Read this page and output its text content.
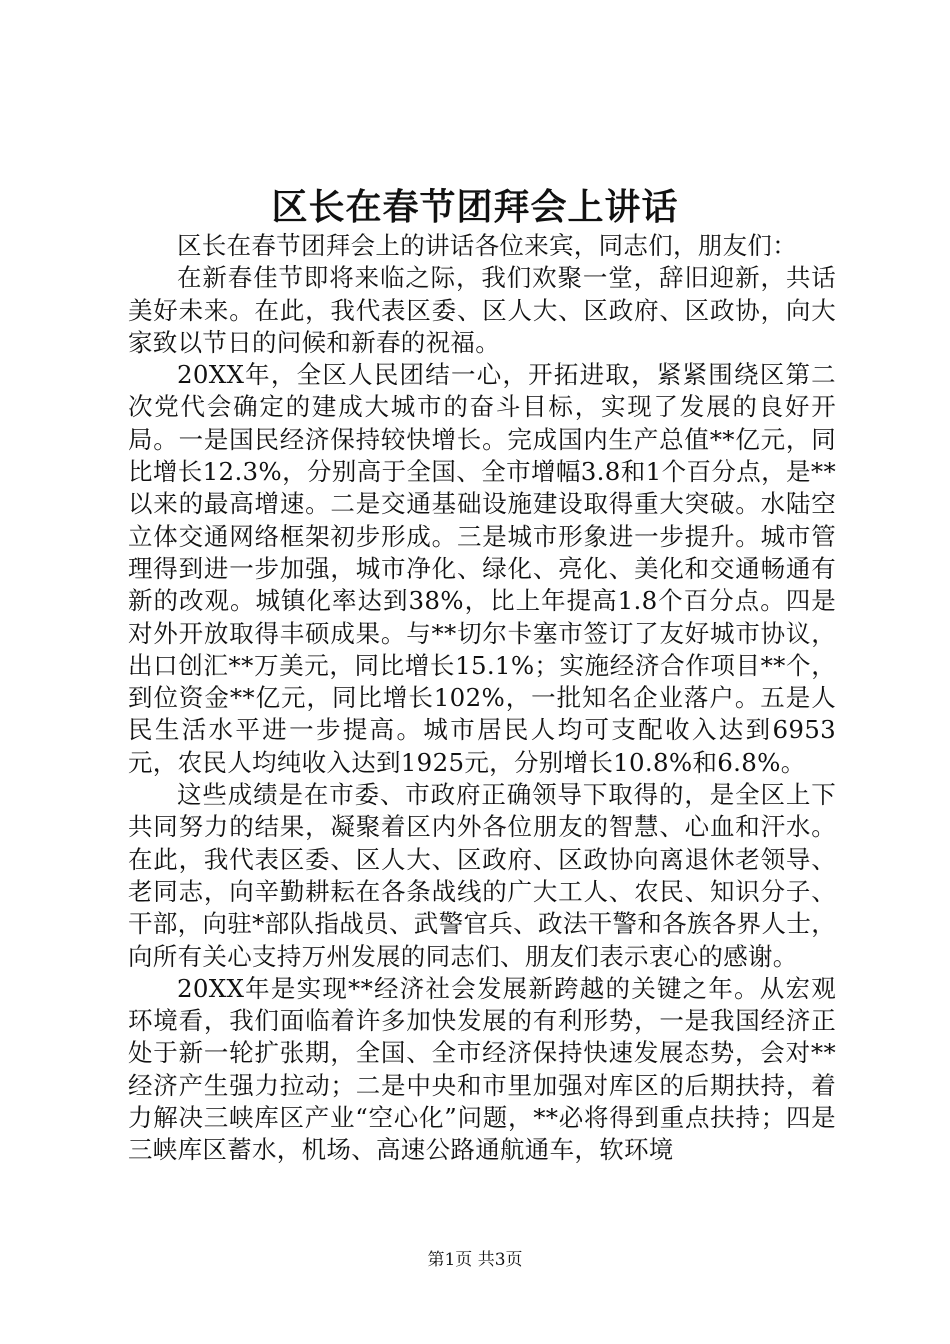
区长在春节团拜会上讲话

区长在春节团拜会上的讲话各位来宾，同志们，朋友们：

在新春佳节即将来临之际，我们欢聚一堂，辞旧迎新，共话美好未来。在此，我代表区委、区人大、区政府、区政协，向大家致以节日的问候和新春的祝福。

20XX年，全区人民团结一心，开拓进取，紧紧围绕区第二次党代会确定的建成大城市的奋斗目标，实现了发展的良好开局。一是国民经济保持较快增长。完成国内生产总值**亿元，同比增长12.3%，分别高于全国、全市增幅3.8和1个百分点，是**以来的最高增速。二是交通基础设施建设取得重大突破。水陆空立体交通网络框架初步形成。三是城市形象进一步提升。城市管理得到进一步加强，城市净化、绿化、亮化、美化和交通畅通有新的改观。城镇化率达到38%，比上年提高1.8个百分点。四是对外开放取得丰硕成果。与**切尔卡塞市签订了友好城市协议，出口创汇**万美元，同比增长15.1%；实施经济合作项目**个，到位资金**亿元，同比增长102%，一批知名企业落户。五是人民生活水平进一步提高。城市居民人均可支配收入达到6953元，农民人均纯收入达到1925元，分别增长10.8%和6.8%。

这些成绩是在市委、市政府正确领导下取得的，是全区上下共同努力的结果，凝聚着区内外各位朋友的智慧、心血和汗水。在此，我代表区委、区人大、区政府、区政协向离退休老领导、老同志，向辛勤耕耘在各条战线的广大工人、农民、知识分子、干部，向驻*部队指战员、武警官兵、政法干警和各族各界人士，向所有关心支持万州发展的同志们、朋友们表示衷心的感谢。

20XX年是实现**经济社会发展新跨越的关键之年。从宏观环境看，我们面临着许多加快发展的有利形势，一是我国经济正处于新一轮扩张期，全国、全市经济保持快速发展态势，会对**经济产生强力拉动；二是中央和市里加强对库区的后期扶持，着力解决三峡库区产业“空心化”问题，**必将得到重点扶持；四是三峡库区蓄水，机场、高速公路通航通车，软环境

第1页 共3页
